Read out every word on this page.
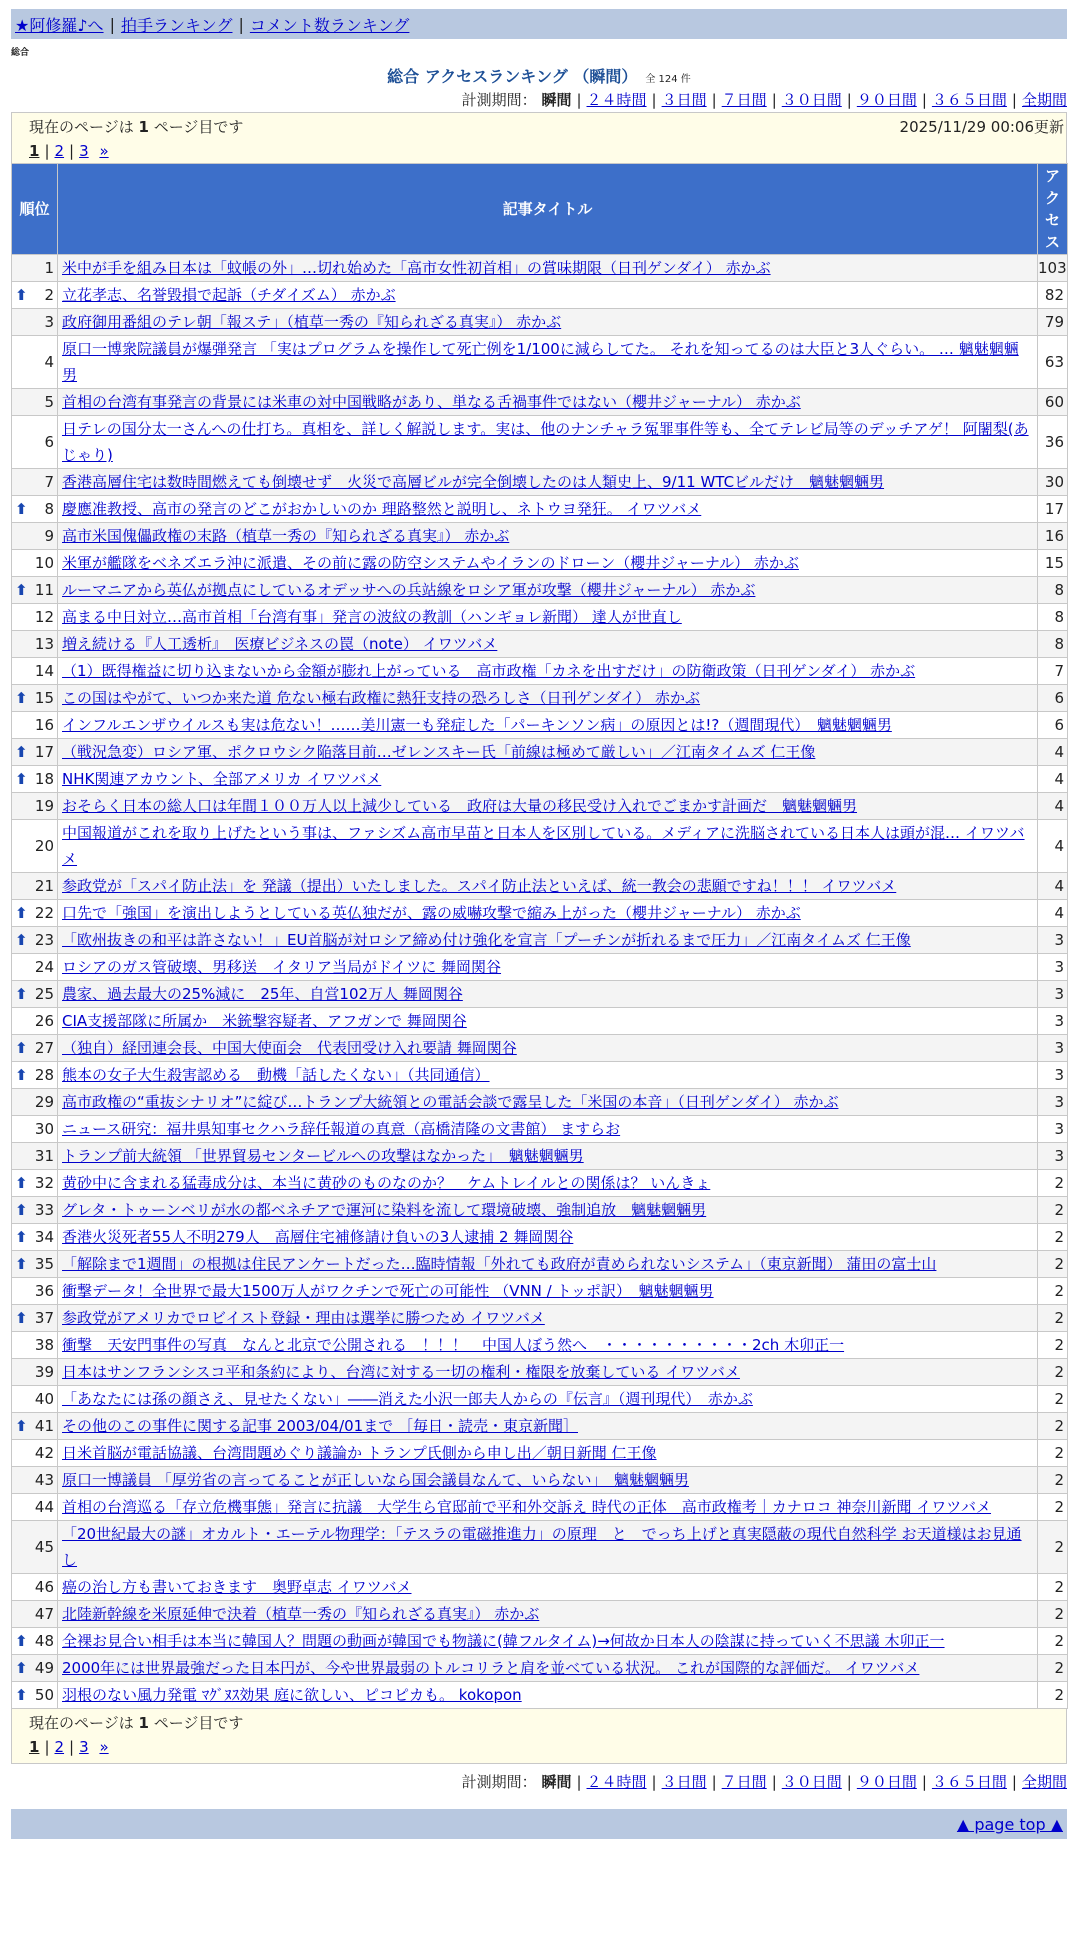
★阿修羅♪へ | 拍手ランキング | コメント数ランキング
総合
総合 アクセスランキング （瞬間） 全 124 件
計測期間： 瞬間 | ２４時間 | ３日間 | ７日間 | ３０日間 | ９０日間 | ３６５日間 | 全期間
現在のページは 1 ページ目です	2025/11/29 00:06更新
1 | 2 | 3 »
順位	記事タイトル	アクセス
1	米中が手を組み日本は「蚊帳の外」…切れ始めた「高市女性初首相」の賞味期限（日刊ゲンダイ） 赤かぶ	103

⬆ 2	立花孝志、名誉毀損で起訴（チダイズム） 赤かぶ	82
3	政府御用番組のテレ朝「報ステ」（植草一秀の『知られざる真実』） 赤かぶ	79
4	原口一博衆院議員が爆弾発言 「実はプログラムを操作して死亡例を1/100に減らしてた。 それを知ってるのは大臣と3人ぐらい。 … 魑魅魍魎男	63
5	首相の台湾有事発言の背景には米車の対中国戦略があり、単なる舌禍事件ではない（櫻井ジャーナル） 赤かぶ	60
6	日テレの国分太一さんへの仕打ち。真相を、詳しく解説します。実は、他のナンチャラ冤罪事件等も、全てテレビ局等のデッチアゲ！ 阿闍梨(あじゃり)	36
7	香港高層住宅は数時間燃えても倒壊せず　火災で高層ビルが完全倒壊したのは人類史上、9/11 WTCビルだけ　魑魅魍魎男	30

⬆ 8	慶應准教授、高市の発言のどこがおかしいのか 理路整然と説明し、ネトウヨ発狂。 イワツバメ	17
9	高市米国傀儡政権の末路（植草一秀の『知られざる真実』） 赤かぶ	16
10	米軍が艦隊をベネズエラ沖に派遣、その前に露の防空システムやイランのドローン（櫻井ジャーナル） 赤かぶ	15

⬆ 11	ルーマニアから英仏が拠点にしているオデッサへの兵站線をロシア軍が攻撃（櫻井ジャーナル） 赤かぶ	8
12	高まる中日対立…高市首相「台湾有事」発言の波紋の教訓（ハンギョレ新聞） 達人が世直し	8
13	増え続ける『人工透析』　医療ビジネスの罠（note） イワツバメ	8
14	（1）既得権益に切り込まないから金額が膨れ上がっている　高市政権「カネを出すだけ」の防衛政策（日刊ゲンダイ） 赤かぶ	7

⬆ 15	この国はやがて、いつか来た道 危ない極右政権に熱狂支持の恐ろしさ（日刊ゲンダイ） 赤かぶ	6
16	インフルエンザウイルスも実は危ない！……美川憲一も発症した「パーキンソン病」の原因とは!?（週間現代）　魑魅魍魎男	6

⬆ 17	（戦況急変）ロシア軍、ポクロウシク陥落目前…ゼレンスキー氏「前線は極めて厳しい」／江南タイムズ 仁王像	4

⬆ 18	NHK関連アカウント、全部アメリカ イワツバメ	4
19	おそらく日本の総人口は年間１００万人以上減少している　政府は大量の移民受け入れでごまかす計画だ　魑魅魍魎男	4
20	中国報道がこれを取り上げたという事は、ファシズム高市早苗と日本人を区別している。メディアに洗脳されている日本人は頭が混… イワツバメ	4
21	参政党が「スパイ防止法」を 発議（提出）いたしました。スパイ防止法といえば、統一教会の悲願ですね！！！ イワツバメ	4

⬆ 22	口先で「強国」を演出しようとしている英仏独だが、露の威嚇攻撃で縮み上がった（櫻井ジャーナル） 赤かぶ	4

⬆ 23	「欧州抜きの和平は許さない！」EU首脳が対ロシア締め付け強化を宣言「プーチンが折れるまで圧力」／江南タイムズ 仁王像	3
24	ロシアのガス管破壊、男移送　イタリア当局がドイツに 舞岡関谷	3

⬆ 25	農家、過去最大の25%減に　25年、自営102万人 舞岡関谷	3
26	CIA支援部隊に所属か　米銃撃容疑者、アフガンで 舞岡関谷	3

⬆ 27	（独自）経団連会長、中国大使面会　代表団受け入れ要請 舞岡関谷	3

⬆ 28	熊本の女子大生殺害認める　動機「話したくない」（共同通信）	3
29	高市政権の“重抜シナリオ”に綻び…トランプ大統領との電話会談で露呈した「米国の本音」（日刊ゲンダイ） 赤かぶ	3
30	ニュース研究：福井県知事セクハラ辞任報道の真意（高橋清隆の文書館） ますらお	3
31	トランプ前大統領 「世界貿易センタービルへの攻撃はなかった」　魑魅魍魎男	3

⬆ 32	黄砂中に含まれる猛毒成分は、本当に黄砂のものなのか？　ケムトレイルとの関係は？ いんきょ	2

⬆ 33	グレタ・トゥーンベリが水の都ベネチアで運河に染料を流して環境破壊、強制追放　魑魅魍魎男	2

⬆ 34	香港火災死者55人不明279人　高層住宅補修請け負いの3人逮捕 2 舞岡関谷	2

⬆ 35	「解除まで1週間」の根拠は住民アンケートだった…臨時情報「外れても政府が責められないシステム」（東京新聞） 蒲田の富士山	2
36	衝撃データ！全世界で最大1500万人がワクチンで死亡の可能性 （VNN / トッポ訳）　魑魅魍魎男	2

⬆ 37	参政党がアメリカでロビイスト登録・理由は選挙に勝つため イワツバメ	2
38	衝撃　天安門事件の写真　なんと北京で公開される　！！！　中国人ぼう然へ　・・・・・・・・・・2ch 木卯正一	2
39	日本はサンフランシスコ平和条約により、台湾に対する一切の権利・権限を放棄している イワツバメ	2
40	「あなたには孫の顔さえ、見せたくない」――消えた小沢一郎夫人からの『伝言』（週刊現代）　赤かぶ	2

⬆ 41	その他のこの事件に関する記事 2003/04/01まで ［毎日・読売・東京新聞］	2
42	日米首脳が電話協議、台湾問題めぐり議論か トランプ氏側から申し出／朝日新聞 仁王像	2
43	原口一博議員 「厚労省の言ってることが正しいなら国会議員なんて、いらない」　魑魅魍魎男	2
44	首相の台湾巡る「存立危機事態」発言に抗議　大学生ら官邸前で平和外交訴え 時代の正体　高市政権考｜カナロコ 神奈川新聞 イワツバメ	2
45	「20世紀最大の謎」オカルト・エーテル物理学：「テスラの電磁推進力」の原理　と　でっち上げと真実隠蔽の現代自然科学 お天道様はお見通し	2
46	癌の治し方も書いておきます　奥野卓志 イワツバメ	2
47	北陸新幹線を米原延伸で決着（植草一秀の『知られざる真実』） 赤かぶ	2

⬆ 48	全裸お見合い相手は本当に韓国人？問題の動画が韓国でも物議に(韓フルタイム)→何故か日本人の陰謀に持っていく不思議 木卯正一	2

⬆ 49	2000年には世界最強だった日本円が、今や世界最弱のトルコリラと肩を並べている状況。 これが国際的な評価だ。 イワツバメ	2

⬆ 50	羽根のない風力発電 ﾏｸﾞﾇｽ効果 庭に欲しい、ピコピカも。 kokopon	2
現在のページは 1 ページ目です
1 | 2 | 3 »
計測期間： 瞬間 | ２４時間 | ３日間 | ７日間 | ３０日間 | ９０日間 | ３６５日間 | 全期間
▲ page top ▲
